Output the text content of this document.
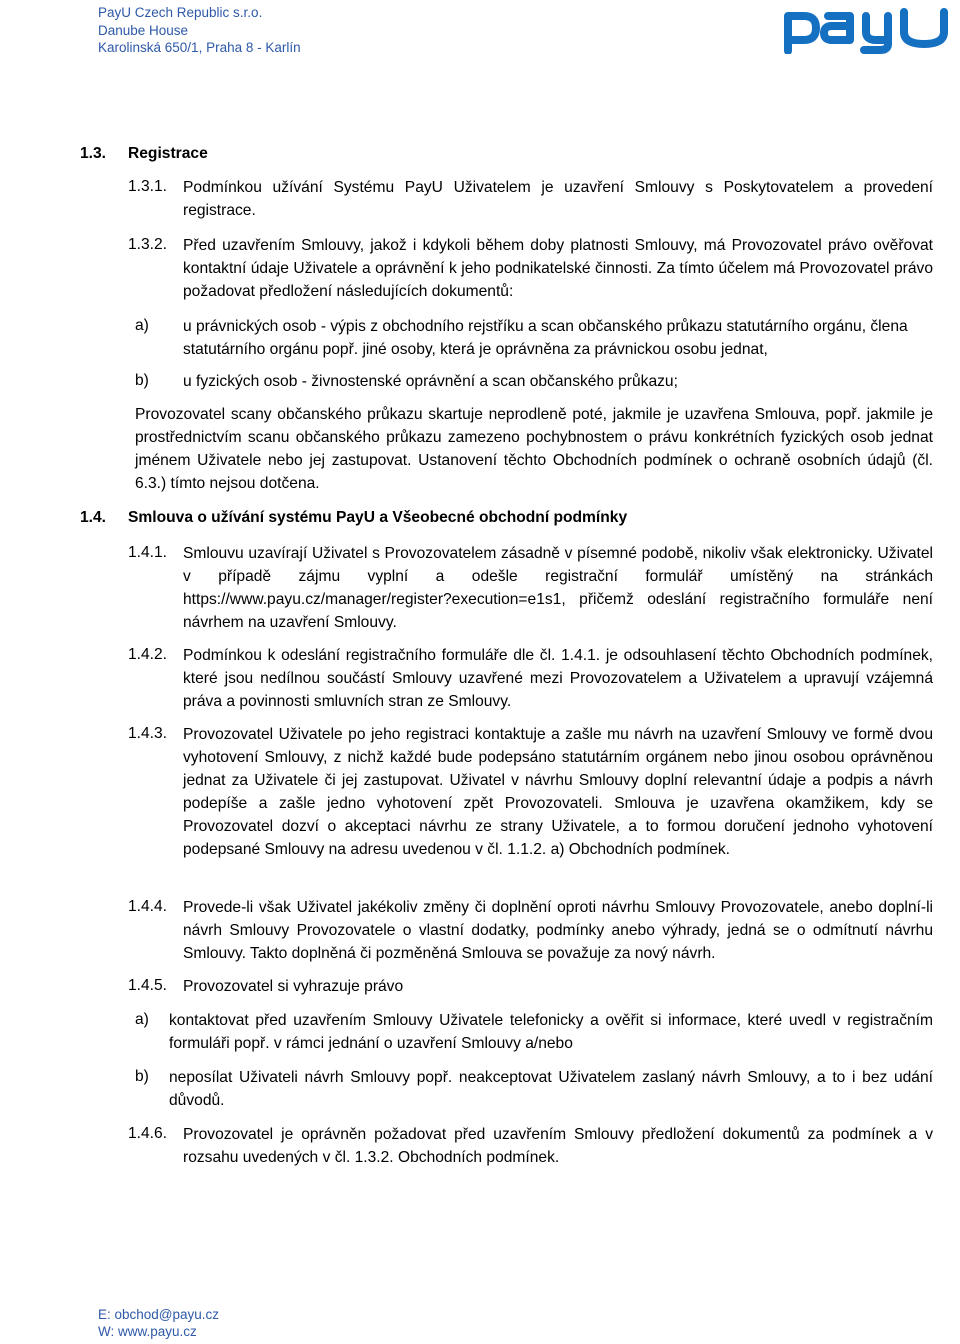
PayU Czech Republic s.r.o.
Danube House
Karolinská 650/1, Praha 8 - Karlín
1.3. Registrace
1.3.1. Podmínkou užívání Systému PayU Uživatelem je uzavření Smlouvy s Poskytovatelem a provedení registrace.
1.3.2. Před uzavřením Smlouvy, jakož i kdykoli během doby platnosti Smlouvy, má Provozovatel právo ověřovat kontaktní údaje Uživatele a oprávnění k jeho podnikatelské činnosti. Za tímto účelem má Provozovatel právo požadovat předložení následujících dokumentů:
a) u právnických osob - výpis z obchodního rejstříku a scan občanského průkazu statutárního orgánu, člena statutárního orgánu popř. jiné osoby, která je oprávněna za právnickou osobu jednat,
b) u fyzických osob - živnostenské oprávnění a scan občanského průkazu;
Provozovatel scany občanského průkazu skartuje neprodleně poté, jakmile je uzavřena Smlouva, popř. jakmile je prostřednictvím scanu občanského průkazu zamezeno pochybnostem o právu konkrétních fyzických osob jednat jménem Uživatele nebo jej zastupovat. Ustanovení těchto Obchodních podmínek o ochraně osobních údajů (čl. 6.3.) tímto nejsou dotčena.
1.4. Smlouva o užívání systému PayU a Všeobecné obchodní podmínky
1.4.1. Smlouvu uzavírají Uživatel s Provozovatelem zásadně v písemné podobě, nikoliv však elektronicky. Uživatel v případě zájmu vyplní a odešle registrační formulář umístěný na stránkách https://www.payu.cz/manager/register?execution=e1s1, přičemž odeslání registračního formuláře není návrhem na uzavření Smlouvy.
1.4.2. Podmínkou k odeslání registračního formuláře dle čl. 1.4.1. je odsouhlasení těchto Obchodních podmínek, které jsou nedílnou součástí Smlouvy uzavřené mezi Provozovatelem a Uživatelem a upravují vzájemná práva a povinnosti smluvních stran ze Smlouvy.
1.4.3. Provozovatel Uživatele po jeho registraci kontaktuje a zašle mu návrh na uzavření Smlouvy ve formě dvou vyhotovení Smlouvy, z nichž každé bude podepsáno statutárním orgánem nebo jinou osobou oprávněnou jednat za Uživatele či jej zastupovat. Uživatel v návrhu Smlouvy doplní relevantní údaje a podpis a návrh podepíše a zašle jedno vyhotovení zpět Provozovateli. Smlouva je uzavřena okamžikem, kdy se Provozovatel dozví o akceptaci návrhu ze strany Uživatele, a to formou doručení jednoho vyhotovení podepsané Smlouvy na adresu uvedenou v čl. 1.1.2. a) Obchodních podmínek.
1.4.4. Provede-li však Uživatel jakékoliv změny či doplnění oproti návrhu Smlouvy Provozovatele, anebo doplní-li návrh Smlouvy Provozovatele o vlastní dodatky, podmínky anebo výhrady, jedná se o odmítnutí návrhu Smlouvy. Takto doplněná či pozměněná Smlouva se považuje za nový návrh.
1.4.5. Provozovatel si vyhrazuje právo
a) kontaktovat před uzavřením Smlouvy Uživatele telefonicky a ověřit si informace, které uvedl v registračním formuláři popř. v rámci jednání o uzavření Smlouvy a/nebo
b) neposílat Uživateli návrh Smlouvy popř. neakceptovat Uživatelem zaslaný návrh Smlouvy, a to i bez udání důvodů.
1.4.6. Provozovatel je oprávněn požadovat před uzavřením Smlouvy předložení dokumentů za podmínek a v rozsahu uvedených v čl. 1.3.2. Obchodních podmínek.
E: obchod@payu.cz
W: www.payu.cz
